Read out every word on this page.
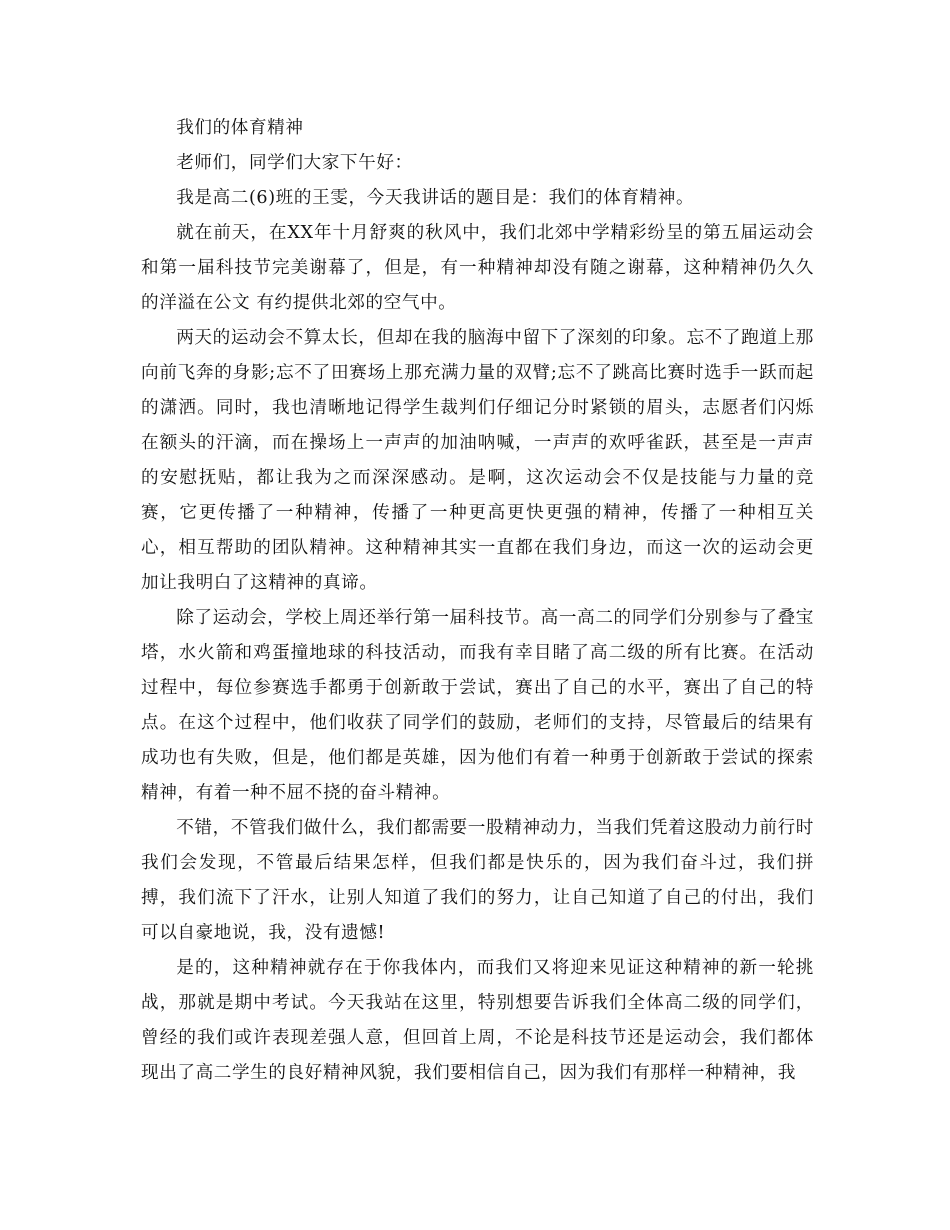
我们的体育精神

老师们，同学们大家下午好：

我是高二(6)班的王雯，今天我讲话的题目是：我们的体育精神。

就在前天，在XX年十月舒爽的秋风中，我们北郊中学精彩纷呈的第五届运动会和第一届科技节完美谢幕了，但是，有一种精神却没有随之谢幕，这种精神仍久久的洋溢在公文 有约提供北郊的空气中。

两天的运动会不算太长，但却在我的脑海中留下了深刻的印象。忘不了跑道上那向前飞奔的身影;忘不了田赛场上那充满力量的双臂;忘不了跳高比赛时选手一跃而起的潇洒。同时，我也清晰地记得学生裁判们仔细记分时紧锁的眉头，志愿者们闪烁在额头的汗滴，而在操场上一声声的加油呐喊，一声声的欢呼雀跃，甚至是一声声的安慰抚贴，都让我为之而深深感动。是啊，这次运动会不仅是技能与力量的竞赛，它更传播了一种精神，传播了一种更高更快更强的精神，传播了一种相互关心，相互帮助的团队精神。这种精神其实一直都在我们身边，而这一次的运动会更加让我明白了这精神的真谛。

除了运动会，学校上周还举行第一届科技节。高一高二的同学们分别参与了叠宝塔，水火箭和鸡蛋撞地球的科技活动，而我有幸目睹了高二级的所有比赛。在活动过程中，每位参赛选手都勇于创新敢于尝试，赛出了自己的水平，赛出了自己的特点。在这个过程中，他们收获了同学们的鼓励，老师们的支持，尽管最后的结果有成功也有失败，但是，他们都是英雄，因为他们有着一种勇于创新敢于尝试的探索精神，有着一种不屈不挠的奋斗精神。

不错，不管我们做什么，我们都需要一股精神动力，当我们凭着这股动力前行时我们会发现，不管最后结果怎样，但我们都是快乐的，因为我们奋斗过，我们拼搏，我们流下了汗水，让别人知道了我们的努力，让自己知道了自己的付出，我们可以自豪地说，我，没有遗憾!

是的，这种精神就存在于你我体内，而我们又将迎来见证这种精神的新一轮挑战，那就是期中考试。今天我站在这里，特别想要告诉我们全体高二级的同学们，曾经的我们或许表现差强人意，但回首上周，不论是科技节还是运动会，我们都体现出了高二学生的良好精神风貌，我们要相信自己，因为我们有那样一种精神，我
